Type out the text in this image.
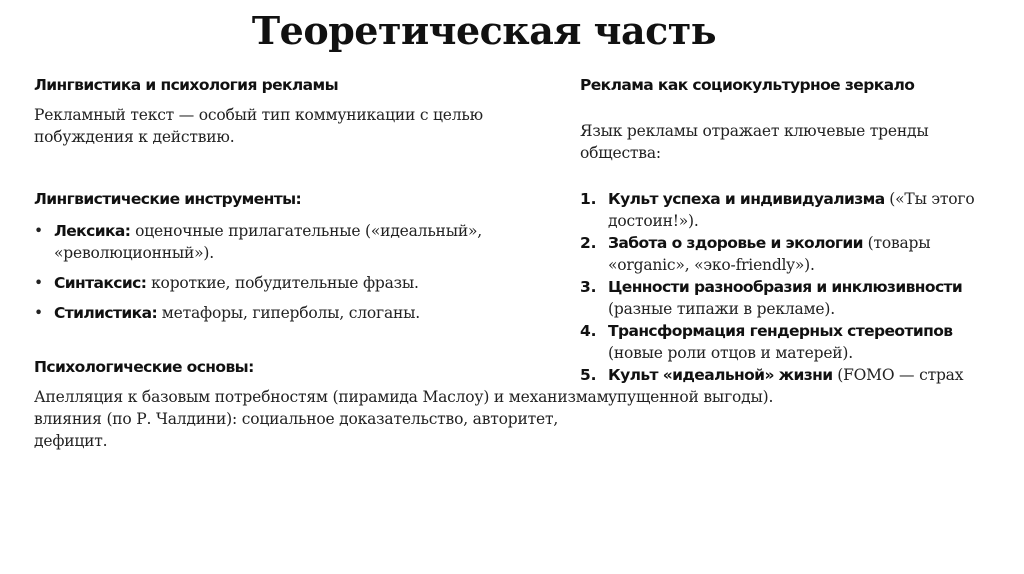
Теоретическая часть
Лингвистика и психология рекламы
Рекламный текст — особый тип коммуникации с целью побуждения к действию.
Лингвистические инструменты:
• Лексика: оценочные прилагательные («идеальный», «революционный»).
• Синтаксис: короткие, побудительные фразы.
• Стилистика: метафоры, гиперболы, слоганы.
Психологические основы:
Апелляция к базовым потребностям (пирамида Маслоу) и механизмам влияния (по Р. Чалдини): социальное доказательство, авторитет, дефицит.
Реклама как социокультурное зеркало
Язык рекламы отражает ключевые тренды общества:
1. Культ успеха и индивидуализма («Ты этого достоин!»).
2. Забота о здоровье и экологии (товары «organic», «эко-friendly»).
3. Ценности разнообразия и инклюзивности (разные типажи в рекламе).
4. Трансформация гендерных стереотипов (новые роли отцов и матерей).
5. Культ «идеальной» жизни (FOMO — страх упущенной выгоды).
